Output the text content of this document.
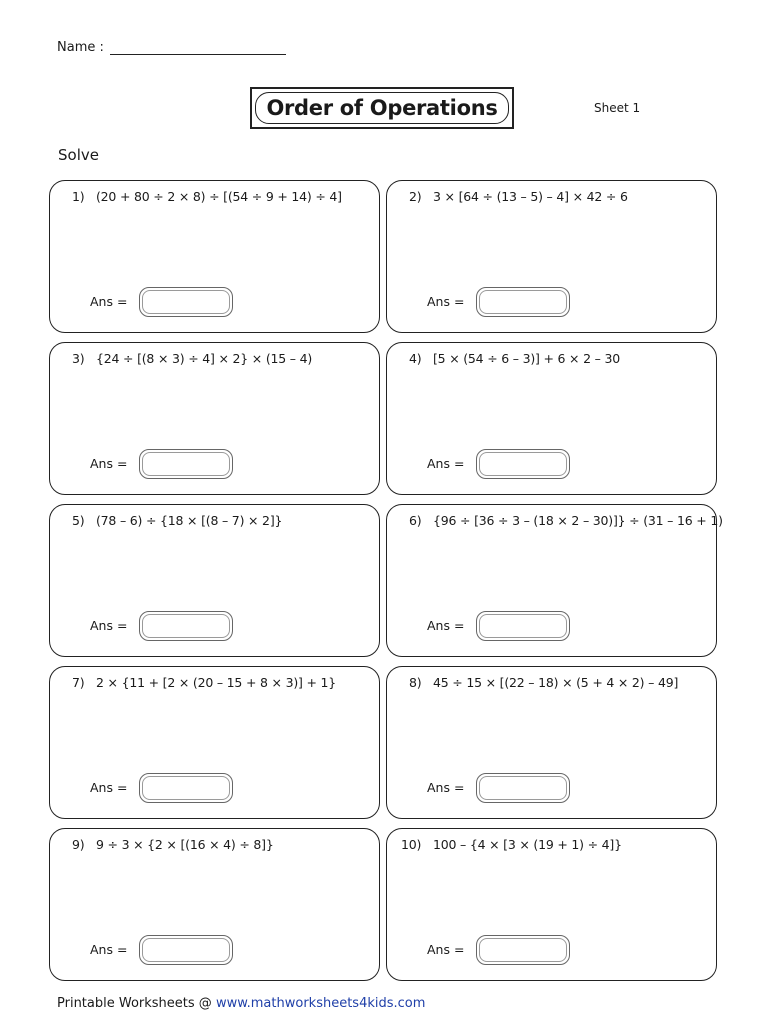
Name :
Order of Operations	Sheet 1
Solve
1) (20 + 80 ÷ 2 × 8) ÷ [(54 ÷ 9 + 14) ÷ 4]
Ans =
2) 3 × [64 ÷ (13 – 5) – 4] × 42 ÷ 6
Ans =
3) {24 ÷ [(8 × 3) ÷ 4] × 2} × (15 – 4)
Ans =
4) [5 × (54 ÷ 6 – 3)] + 6 × 2 – 30
Ans =
5) (78 – 6) ÷ {18 × [(8 – 7) × 2]}
Ans =
6) {96 ÷ [36 ÷ 3 – (18 × 2 – 30)]} ÷ (31 – 16 + 1)
Ans =
7) 2 × {11 + [2 × (20 – 15 + 8 × 3)] + 1}
Ans =
8) 45 ÷ 15 × [(22 – 18) × (5 + 4 × 2) – 49]
Ans =
9) 9 ÷ 3 × {2 × [(16 × 4) ÷ 8]}
Ans =
10) 100 – {4 × [3 × (19 + 1) ÷ 4]}
Ans =
Printable Worksheets @ www.mathworksheets4kids.com
